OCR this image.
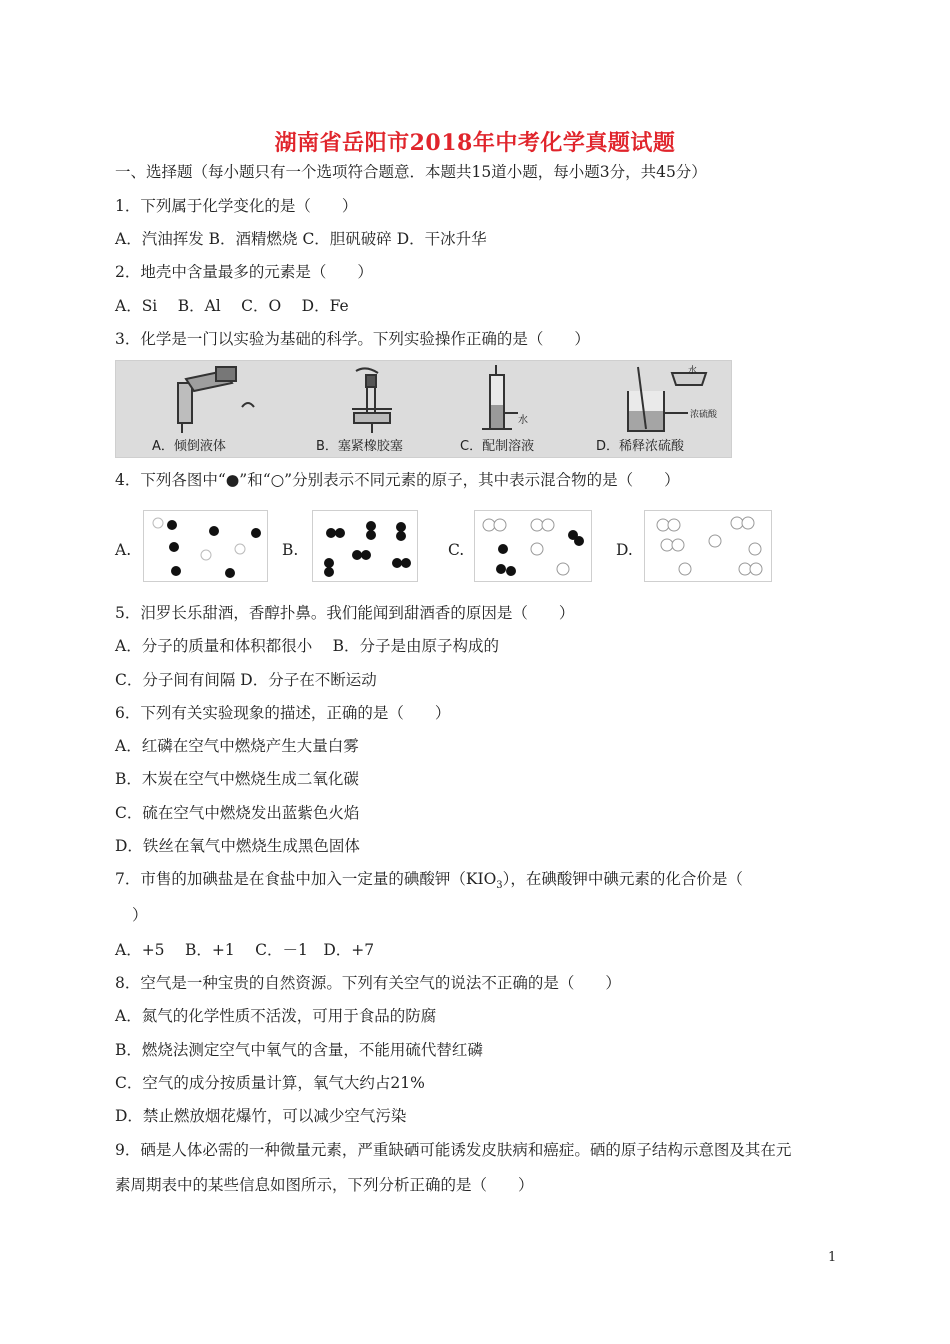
湖南省岳阳市2018年中考化学真题试题
一、选择题（每小题只有一个选项符合题意．本题共15道小题，每小题3分，共45分）
1．下列属于化学变化的是（　　）
A．汽油挥发 B．酒精燃烧 C．胆矾破碎 D．干冰升华
2．地壳中含量最多的元素是（　　）
A．Si　 B．Al　 C．O　 D．Fe
3．化学是一门以实验为基础的科学。下列实验操作正确的是（　　）
水
水
浓硫酸
A．倾倒液体	B．塞紧橡胶塞	C．配制溶液	D．稀释浓硫酸
4．下列各图中“●”和“○”分别表示不同元素的原子，其中表示混合物的是（　　）
A.	B.	C.	D.
5．汨罗长乐甜酒，香醇扑鼻。我们能闻到甜酒香的原因是（　　）
A．分子的质量和体积都很小　 B．分子是由原子构成的
C．分子间有间隔 D．分子在不断运动
6．下列有关实验现象的描述，正确的是（　　）
A．红磷在空气中燃烧产生大量白雾
B．木炭在空气中燃烧生成二氧化碳
C．硫在空气中燃烧发出蓝紫色火焰
D．铁丝在氧气中燃烧生成黑色固体
7．市售的加碘盐是在食盐中加入一定量的碘酸钾$(KIO_3)$，在碘酸钾中碘元素的化合价是（
）
A．+5　 B．+1　 C．－1　D．+7
8．空气是一种宝贵的自然资源。下列有关空气的说法不正确的是（　　）
A．氮气的化学性质不活泼，可用于食品的防腐
B．燃烧法测定空气中氧气的含量，不能用硫代替红磷
C．空气的成分按质量计算，氧气大约占21%
D．禁止燃放烟花爆竹，可以减少空气污染
9．硒是人体必需的一种微量元素，严重缺硒可能诱发皮肤病和癌症。硒的原子结构示意图及其在元
素周期表中的某些信息如图所示，下列分析正确的是（　　）
1
